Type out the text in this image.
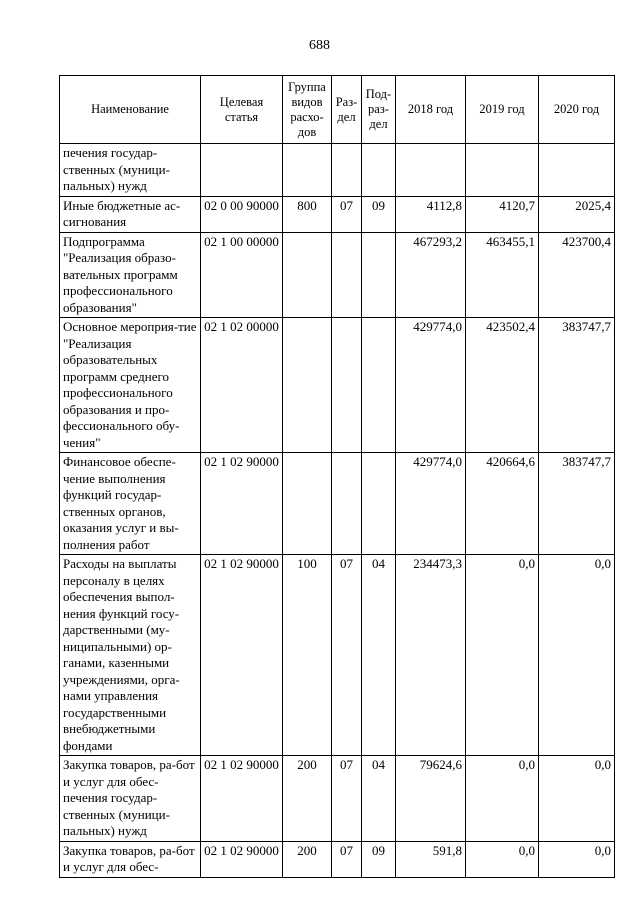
688
Наименование	Целевая статья	Группа видов расхо-дов	Раз-дел	Под-раз-дел	2018 год	2019 год	2020 год
печения государ-ственных (муници-пальных) нужд							
Иные бюджетные ас-сигнования	02 0 00 90000	800	07	09	4112,8	4120,7	2025,4
Подпрограмма "Реализация образо-вательных программ профессионального образования"	02 1 00 00000				467293,2	463455,1	423700,4
Основное мероприя-тие "Реализация образовательных программ среднего профессионального образования и про-фессионального обу-чения"	02 1 02 00000				429774,0	423502,4	383747,7
Финансовое обеспе-чение выполнения функций государ-ственных органов, оказания услуг и вы-полнения работ	02 1 02 90000				429774,0	420664,6	383747,7
Расходы на выплаты персоналу в целях обеспечения выпол-нения функций госу-дарственными (му-ниципальными) ор-ганами, казенными учреждениями, орга-нами управления государственными внебюджетными фондами	02 1 02 90000	100	07	04	234473,3	0,0	0,0
Закупка товаров, ра-бот и услуг для обес-печения государ-ственных (муници-пальных) нужд	02 1 02 90000	200	07	04	79624,6	0,0	0,0
Закупка товаров, ра-бот и услуг для обес-	02 1 02 90000	200	07	09	591,8	0,0	0,0
